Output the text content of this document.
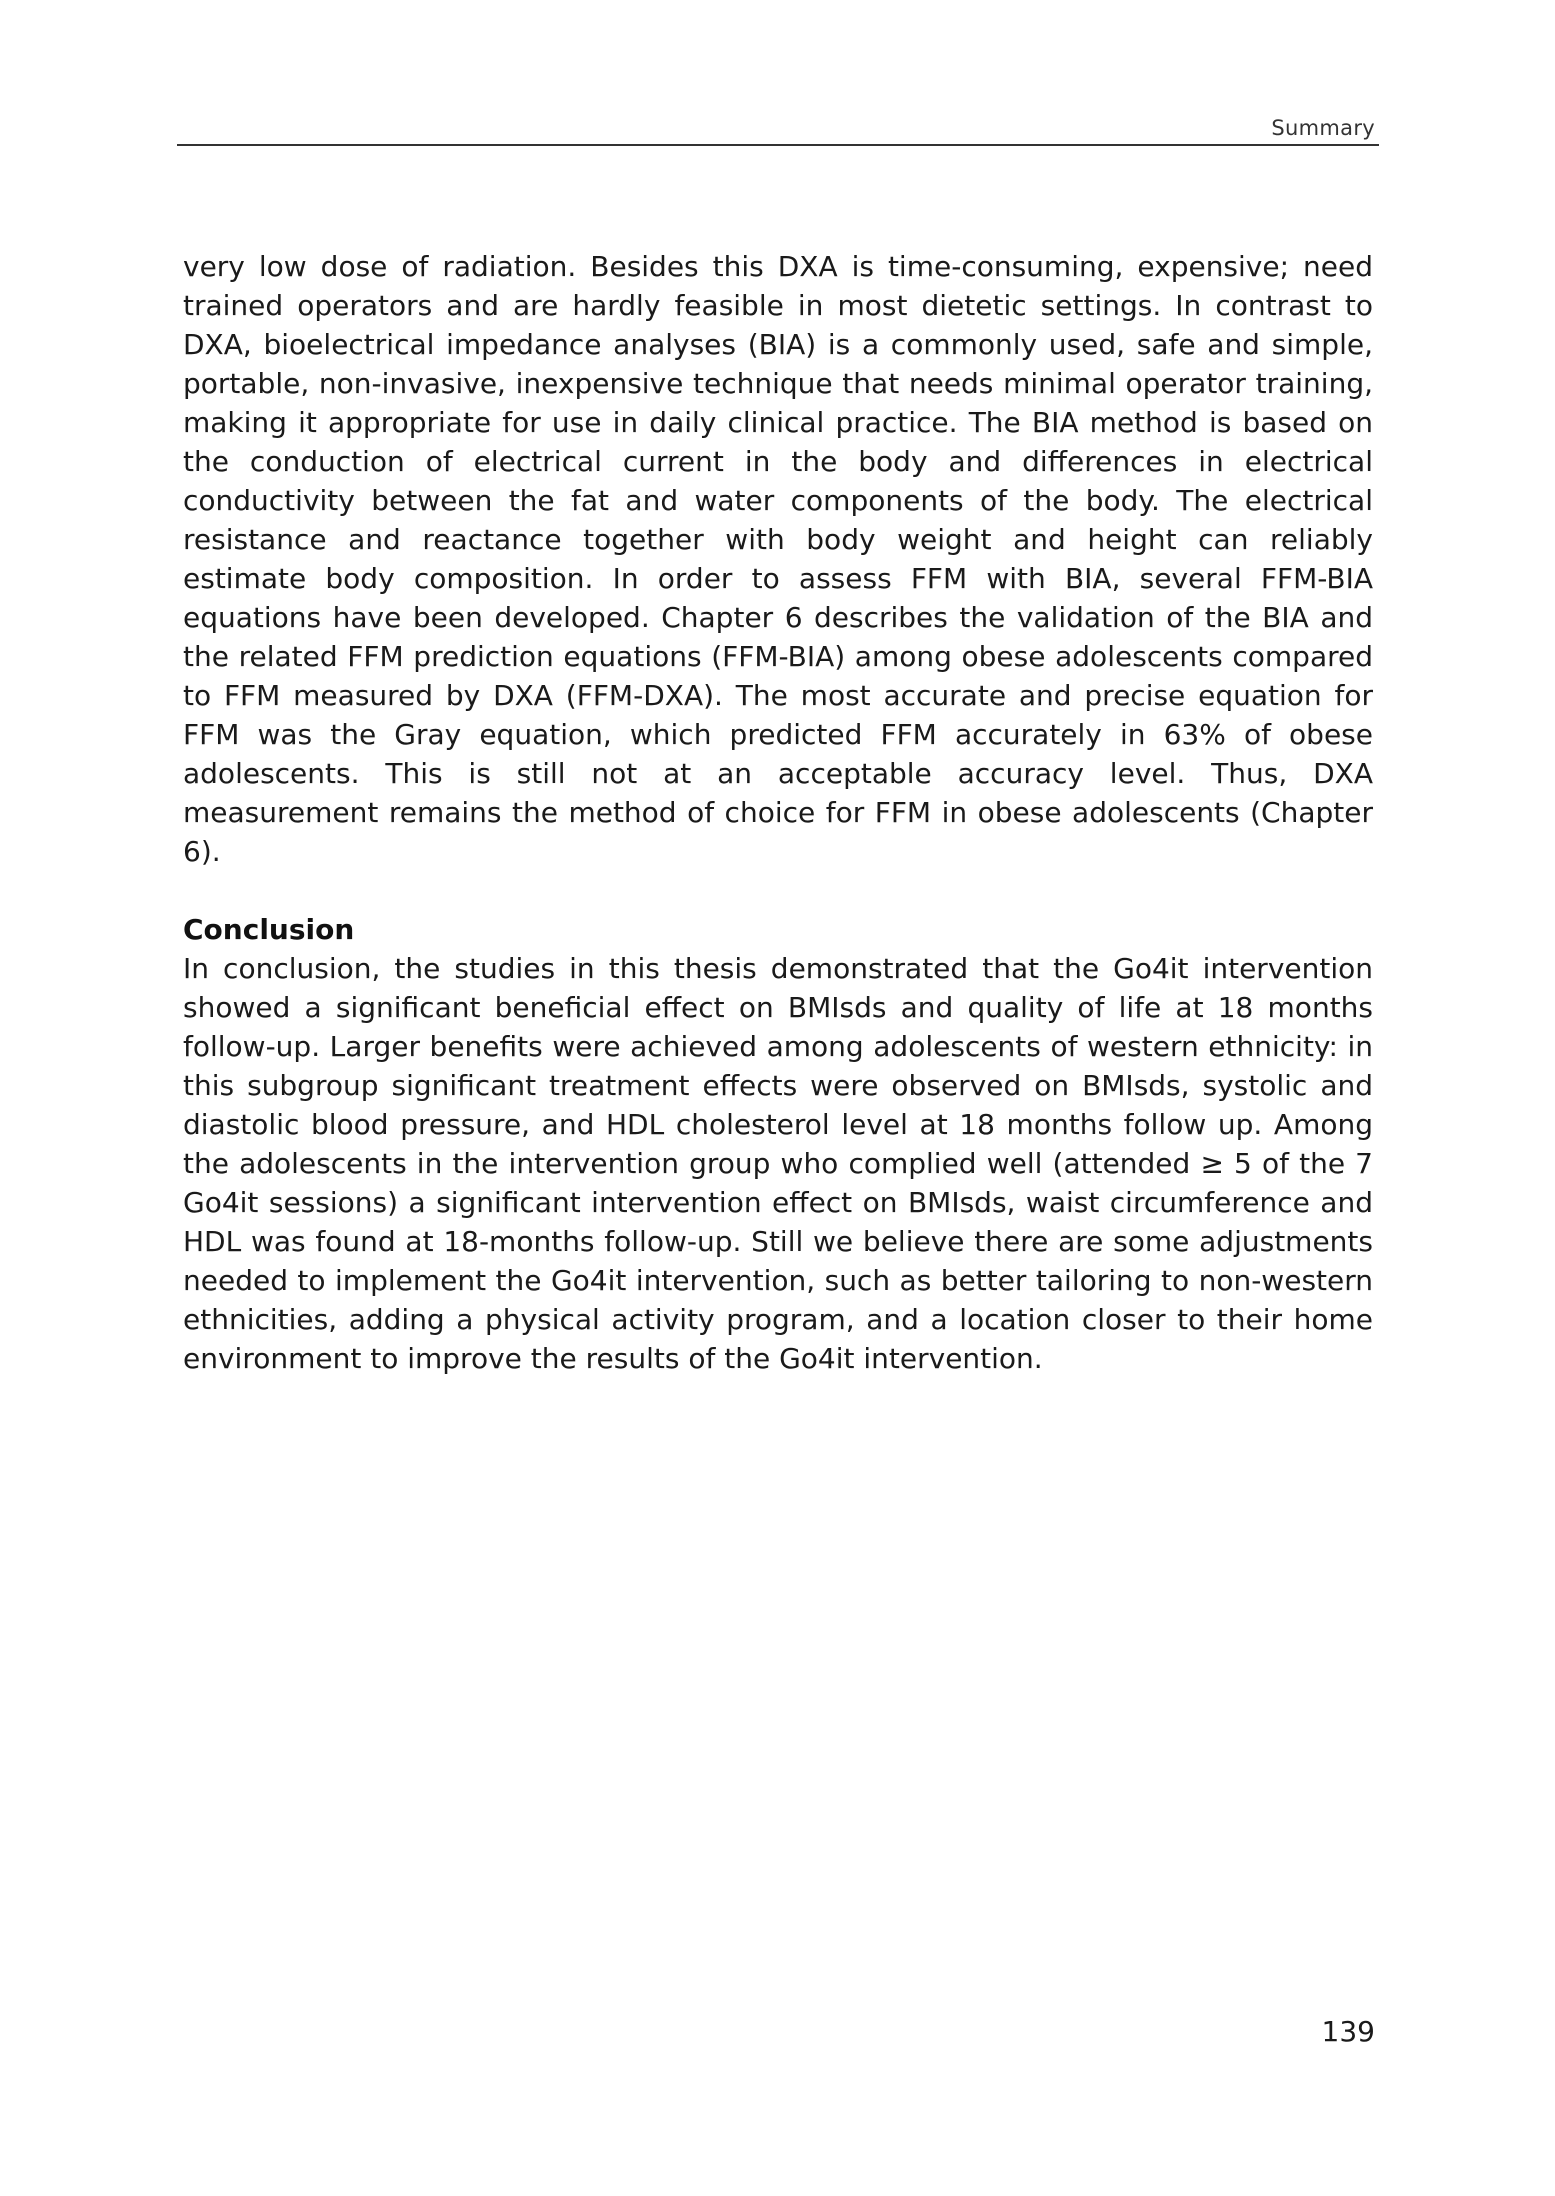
Summary

very low dose of radiation. Besides this DXA is time-consuming, expensive; need trained operators and are hardly feasible in most dietetic settings. In contrast to DXA, bioelectrical impedance analyses (BIA) is a commonly used, safe and simple, portable, non-invasive, inexpensive technique that needs minimal operator training, making it appropriate for use in daily clinical practice. The BIA method is based on the conduction of electrical current in the body and differences in electrical conductivity between the fat and water components of the body. The electrical resistance and reactance together with body weight and height can reliably estimate body composition. In order to assess FFM with BIA, several FFM-BIA equations have been developed. Chapter 6 describes the validation of the BIA and the related FFM prediction equations (FFM-BIA) among obese adolescents compared to FFM measured by DXA (FFM-DXA). The most accurate and precise equation for FFM was the Gray equation, which predicted FFM accurately in 63% of obese adolescents. This is still not at an acceptable accuracy level. Thus, DXA measurement remains the method of choice for FFM in obese adolescents (Chapter 6).

Conclusion

In conclusion, the studies in this thesis demonstrated that the Go4it intervention showed a significant beneficial effect on BMIsds and quality of life at 18 months follow-up. Larger benefits were achieved among adolescents of western ethnicity: in this subgroup significant treatment effects were observed on BMIsds, systolic and diastolic blood pressure, and HDL cholesterol level at 18 months follow up. Among the adolescents in the intervention group who complied well (attended ≥ 5 of the 7 Go4it sessions) a significant intervention effect on BMIsds, waist circumference and HDL was found at 18-months follow-up. Still we believe there are some adjustments needed to implement the Go4it intervention, such as better tailoring to non-western ethnicities, adding a physical activity program, and a location closer to their home environment to improve the results of the Go4it intervention.

139
